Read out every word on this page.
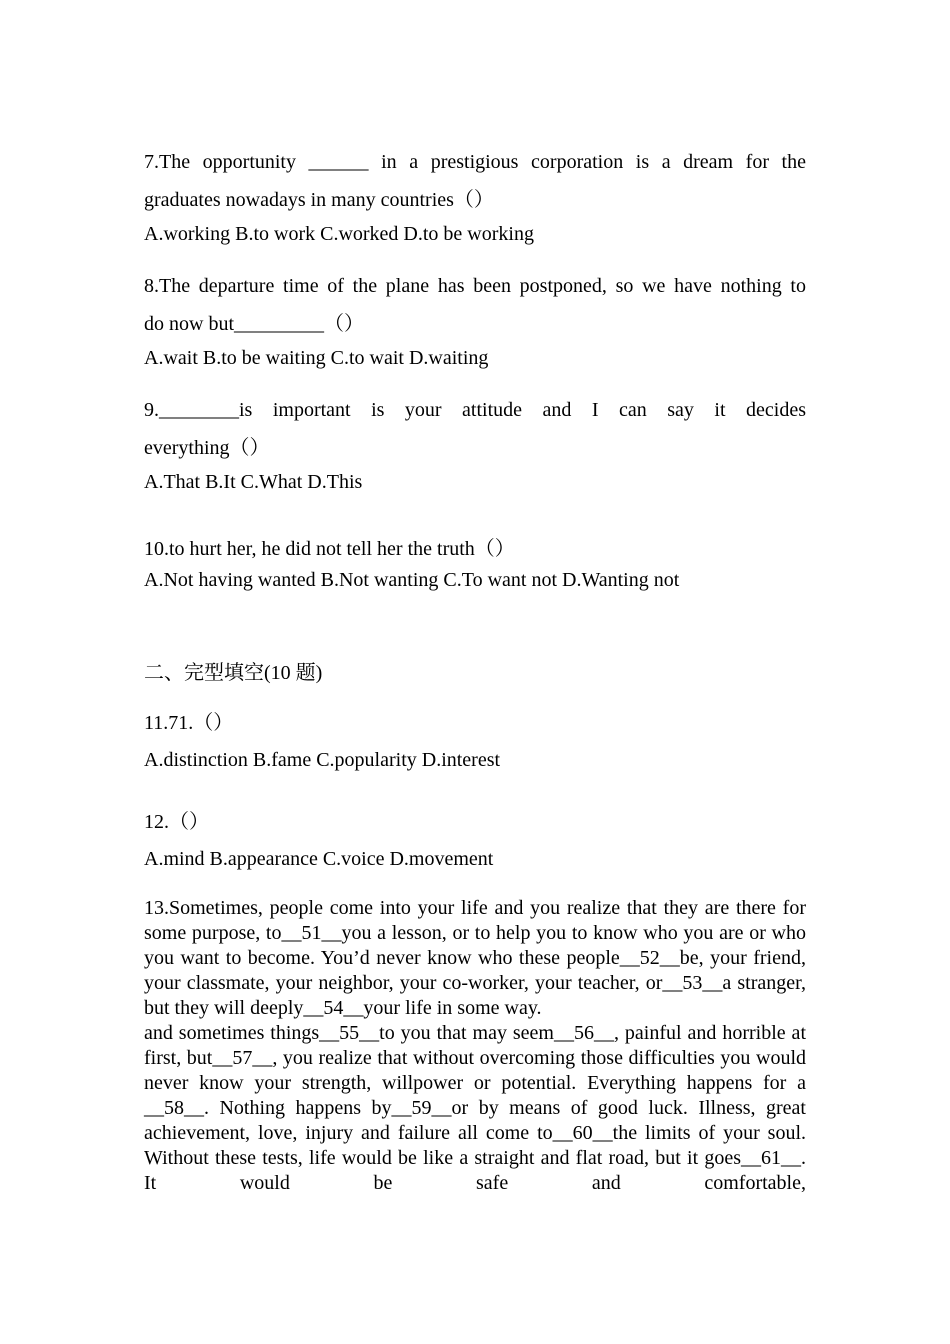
7.The opportunity ______ in a prestigious corporation is a dream for the

graduates nowadays in many countries（）

A.working B.to work C.worked D.to be working

8.The departure time of the plane has been postponed, so we have nothing to

do now but_________（）

A.wait B.to be waiting C.to wait D.waiting

9.________is important is your attitude and I can say it decides

everything（）

A.That B.It C.What D.This

10.to hurt her, he did not tell her the truth（）

A.Not having wanted B.Not wanting C.To want not D.Wanting not

二、完型填空(10 题)

11.71.（）

A.distinction B.fame C.popularity D.interest

12.（）

A.mind B.appearance C.voice D.movement

13.Sometimes, people come into your life and you realize that they are there for some purpose, to__51__you a lesson, or to help you to know who you are or who you want to become. You’d never know who these people__52__be, your friend, your classmate, your neighbor, your co-worker, your teacher, or__53__a stranger, but they will deeply__54__your life in some way.

and sometimes things__55__to you that may seem__56__, painful and horrible at first, but__57__, you realize that without overcoming those difficulties you would never know your strength, willpower or potential. Everything happens for a __58__. Nothing happens by__59__or by means of good luck. Illness, great achievement, love, injury and failure all come to__60__the limits of your soul. Without these tests, life would be like a straight and flat road, but it goes__61__. It would be safe and comfortable,
